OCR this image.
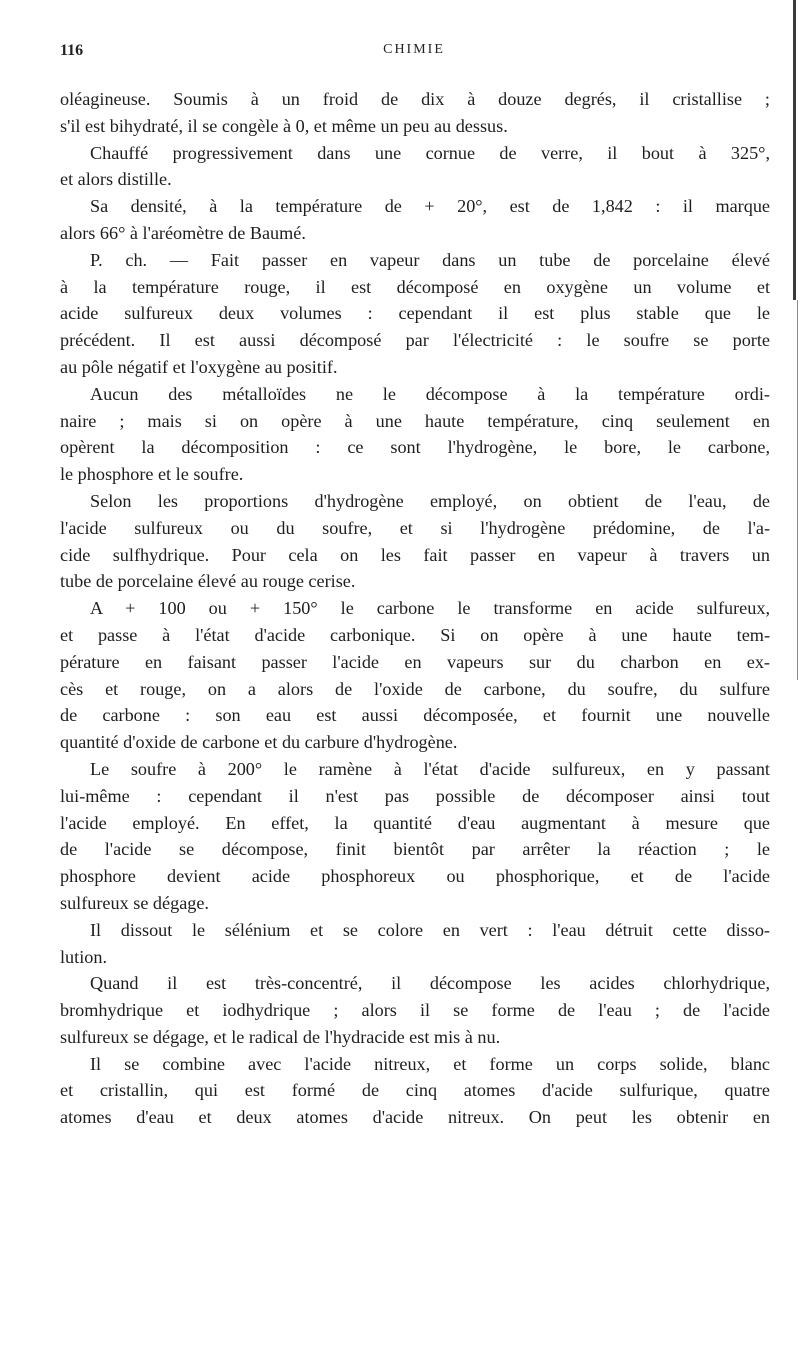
116	CHIMIE
oléagineuse. Soumis à un froid de dix à douze degrés, il cristallise ;
s'il est bihydraté, il se congèle à 0, et même un peu au dessus.
Chauffé progressivement dans une cornue de verre, il bout à 325°,
et alors distille.
Sa densité, à la température de + 20°, est de 1,842 : il marque
alors 66° à l'aréomètre de Baumé.
P. ch. — Fait passer en vapeur dans un tube de porcelaine élevé
à la température rouge, il est décomposé en oxygène un volume et
acide sulfureux deux volumes : cependant il est plus stable que le
précédent. Il est aussi décomposé par l'électricité : le soufre se porte
au pôle négatif et l'oxygène au positif.
Aucun des métalloïdes ne le décompose à la température ordi-
naire ; mais si on opère à une haute température, cinq seulement en
opèrent la décomposition : ce sont l'hydrogène, le bore, le carbone,
le phosphore et le soufre.
Selon les proportions d'hydrogène employé, on obtient de l'eau, de
l'acide sulfureux ou du soufre, et si l'hydrogène prédomine, de l'a-
cide sulfhydrique. Pour cela on les fait passer en vapeur à travers un
tube de porcelaine élevé au rouge cerise.
A + 100 ou + 150° le carbone le transforme en acide sulfureux,
et passe à l'état d'acide carbonique. Si on opère à une haute tem-
pérature en faisant passer l'acide en vapeurs sur du charbon en ex-
cès et rouge, on a alors de l'oxide de carbone, du soufre, du sulfure
de carbone : son eau est aussi décomposée, et fournit une nouvelle
quantité d'oxide de carbone et du carbure d'hydrogène.
Le soufre à 200° le ramène à l'état d'acide sulfureux, en y passant
lui-même : cependant il n'est pas possible de décomposer ainsi tout
l'acide employé. En effet, la quantité d'eau augmentant à mesure que
de l'acide se décompose, finit bientôt par arrêter la réaction ; le
phosphore devient acide phosphoreux ou phosphorique, et de l'acide
sulfureux se dégage.
Il dissout le sélénium et se colore en vert : l'eau détruit cette disso-
lution.
Quand il est très-concentré, il décompose les acides chlorhydrique,
bromhydrique et iodhydrique ; alors il se forme de l'eau ; de l'acide
sulfureux se dégage, et le radical de l'hydracide est mis à nu.
Il se combine avec l'acide nitreux, et forme un corps solide, blanc
et cristallin, qui est formé de cinq atomes d'acide sulfurique, quatre
atomes d'eau et deux atomes d'acide nitreux. On peut les obtenir en
